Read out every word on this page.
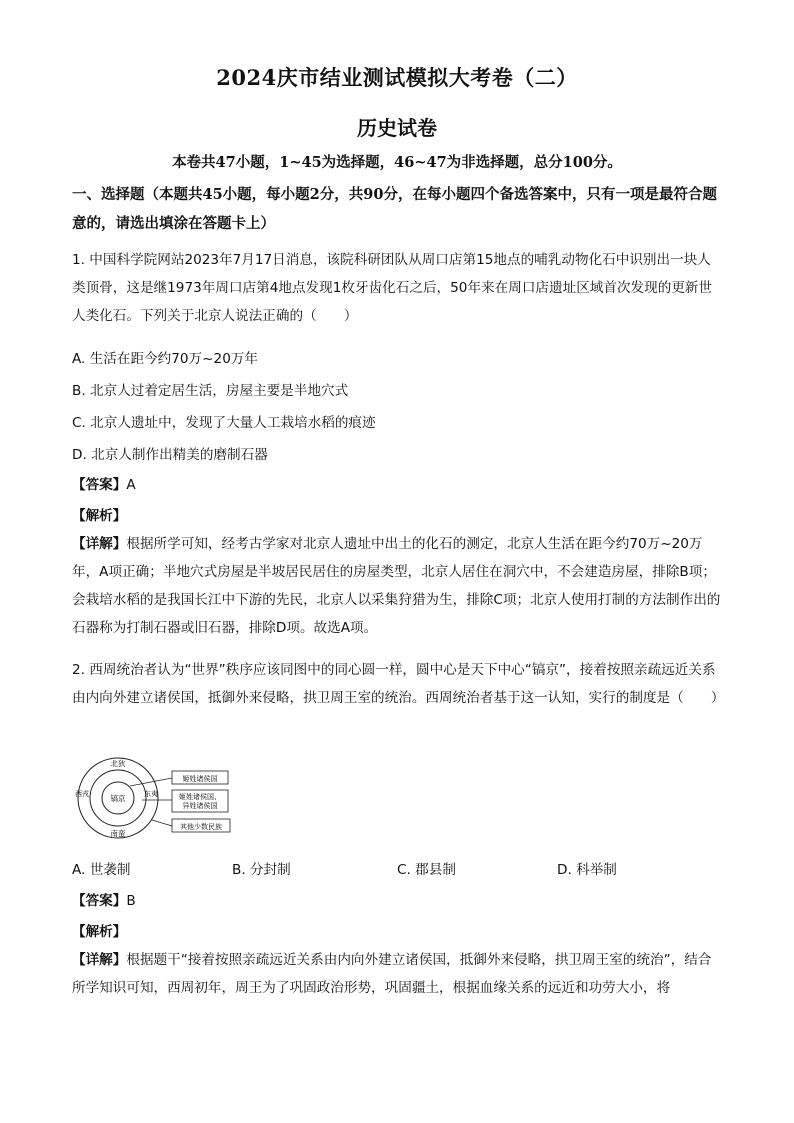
2024庆市结业测试模拟大考卷（二）
历史试卷
本卷共47小题，1~45为选择题，46~47为非选择题，总分100分。
一、选择题（本题共45小题，每小题2分，共90分，在每小题四个备选答案中，只有一项是最符合题意的，请选出填涂在答题卡上）
1. 中国科学院网站2023年7月17日消息，该院科研团队从周口店第15地点的哺乳动物化石中识别出一块人类顶骨，这是继1973年周口店第4地点发现1枚牙齿化石之后，50年来在周口店遗址区域首次发现的更新世人类化石。下列关于北京人说法正确的（　　）
A. 生活在距今约70万~20万年
B. 北京人过着定居生活，房屋主要是半地穴式
C. 北京人遗址中，发现了大量人工栽培水稻的痕迹
D. 北京人制作出精美的磨制石器
【答案】A
【解析】
【详解】根据所学可知，经考古学家对北京人遗址中出土的化石的测定，北京人生活在距今约70万~20万年，A项正确；半地穴式房屋是半坡居民居住的房屋类型，北京人居住在洞穴中，不会建造房屋，排除B项；会栽培水稻的是我国长江中下游的先民，北京人以采集狩猎为生，排除C项；北京人使用打制的方法制作出的石器称为打制石器或旧石器，排除D项。故选A项。
2. 西周统治者认为“世界”秩序应该同图中的同心圆一样，圆中心是天下中心“镐京”，接着按照亲疏远近关系由内向外建立诸侯国，抵御外来侵略，拱卫周王室的统治。西周统治者基于这一认知，实行的制度是（　　）
镐京
北狄
南蛮
西戎	东夷
姬姓诸侯国
姬姓诸侯国、
异姓诸侯国
其他少数民族
A. 世袭制	B. 分封制	C. 郡县制	D. 科举制
【答案】B
【解析】
【详解】根据题干“接着按照亲疏远近关系由内向外建立诸侯国，抵御外来侵略，拱卫周王室的统治”，结合所学知识可知，西周初年，周王为了巩固政治形势，巩固疆土，根据血缘关系的远近和功劳大小，将
